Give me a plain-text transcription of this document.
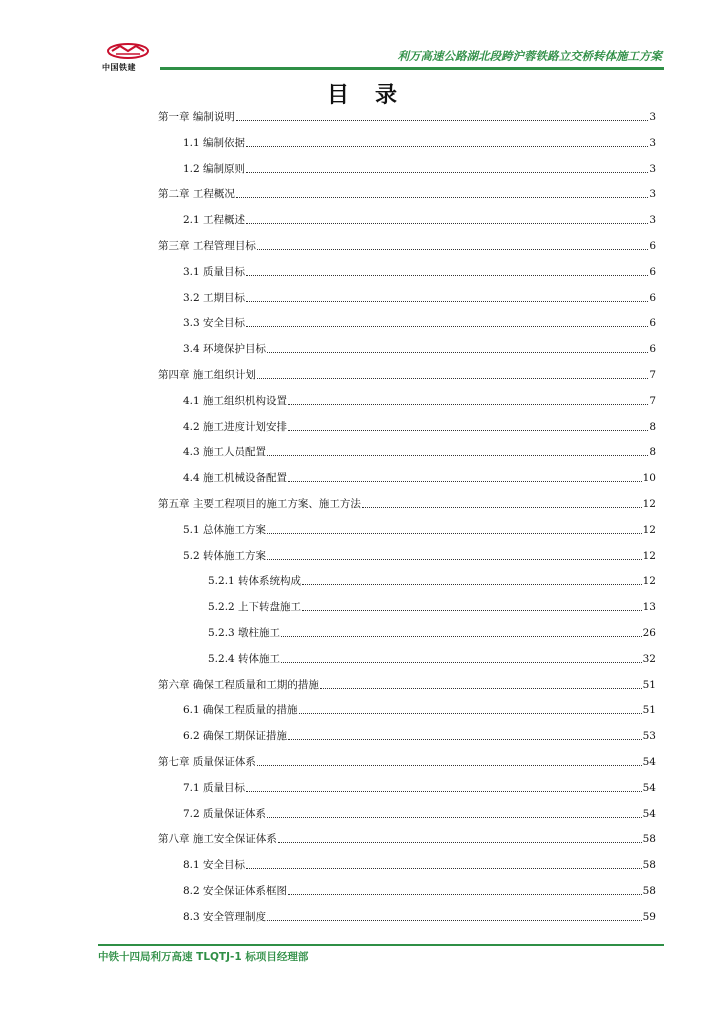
中国铁建
利万高速公路湖北段跨沪蓉铁路立交桥转体施工方案
目录
第一章 编制说明	3
1.1 编制依据	3
1.2 编制原则	3
第二章 工程概况	3
2.1 工程概述	3
第三章 工程管理目标	6
3.1 质量目标	6
3.2 工期目标	6
3.3 安全目标	6
3.4 环境保护目标	6
第四章 施工组织计划	7
4.1 施工组织机构设置	7
4.2 施工进度计划安排	8
4.3 施工人员配置	8
4.4 施工机械设备配置	10
第五章 主要工程项目的施工方案、施工方法	12
5.1 总体施工方案	12
5.2 转体施工方案	12
5.2.1 转体系统构成	12
5.2.2 上下转盘施工	13
5.2.3 墩柱施工	26
5.2.4 转体施工	32
第六章 确保工程质量和工期的措施	51
6.1 确保工程质量的措施	51
6.2 确保工期保证措施	53
第七章 质量保证体系	54
7.1 质量目标	54
7.2 质量保证体系	54
第八章 施工安全保证体系	58
8.1 安全目标	58
8.2 安全保证体系框图	58
8.3 安全管理制度	59
中铁十四局利万高速 TLQTJ-1 标项目经理部
